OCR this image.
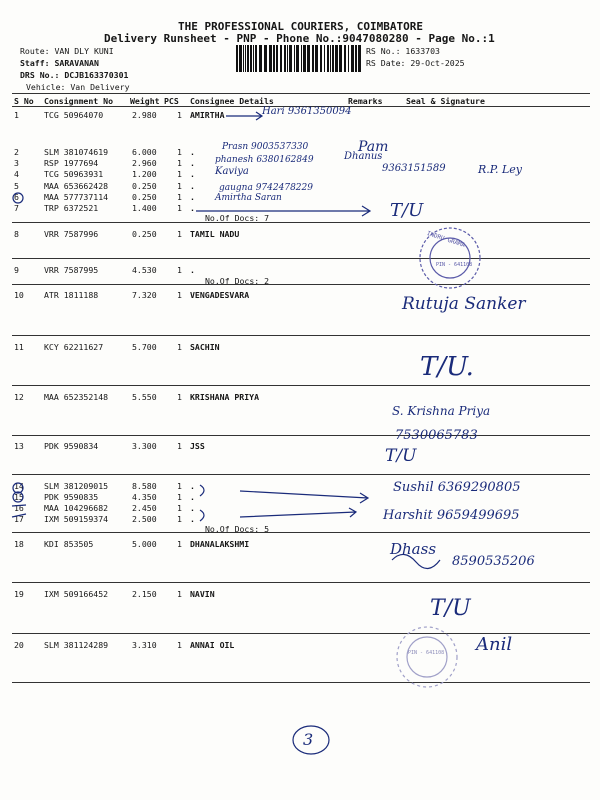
THE PROFESSIONAL COURIERS, COIMBATORE
Delivery Runsheet - PNP - Phone No.:9047080280 - Page No.:1
Route: VAN DLY KUNI
Staff: SARAVANAN
DRS No.: DCJB163370301
Vehicle: Van Delivery
RS No.: 1633703
RS Date: 29-Oct-2025
S No Consignment No Weight PCS Consignee Details	Remarks	Seal & Signature
1	TCG 50964070	2.980 1 AMIRTHA
2	SLM 381074619	6.000 1 .
3	RSP 1977694	2.960 1 .
4	TCG 50963931	1.200 1 .
5	MAA 653662428	0.250 1 .
6	MAA 577737114	0.250 1 .
7	TRP 6372521	1.400 1 .
8	VRR 7587996	0.250 1 TAMIL NADU
9	VRR 7587995	4.530 1 .
10 ATR 1811188	7.320 1 VENGADESVARA
11 KCY 62211627	5.700 1 SACHIN
12 MAA 652352148	5.550 1 KRISHANA PRIYA
13 PDK 9590834	3.300 1 JSS
14 SLM 381209015	8.580 1 .
15 PDK 9590835	4.350 1 .
16 MAA 104296682	2.450 1 .
17 IXM 509159374	2.500 1 .
18 KDI 853505	5.000 1 DHANALAKSHMI
19 IXM 509166452	2.150 1 NAVIN
20 SLM 381124289	3.310 1 ANNAI OIL
No.Of Docs: 7
No.Of Docs: 2
No.Of Docs: 5
Hari 9361350094
Prasn 9003537330	Pam
phanesh 6380162849	Dhanus
Kaviya
gaugna 9742478229
Amirtha Saran
9363151589	R.P. Ley
T/U
Rutuja Sanker
T/U.
S. Krishna Priya
7530065783
T/U
Sushil 6369290805
Harshit 9659499695
Dhass
8590535206
T/U
Anil
3
INDRU GRAMA
PIN - 641108
PIN - 641108
